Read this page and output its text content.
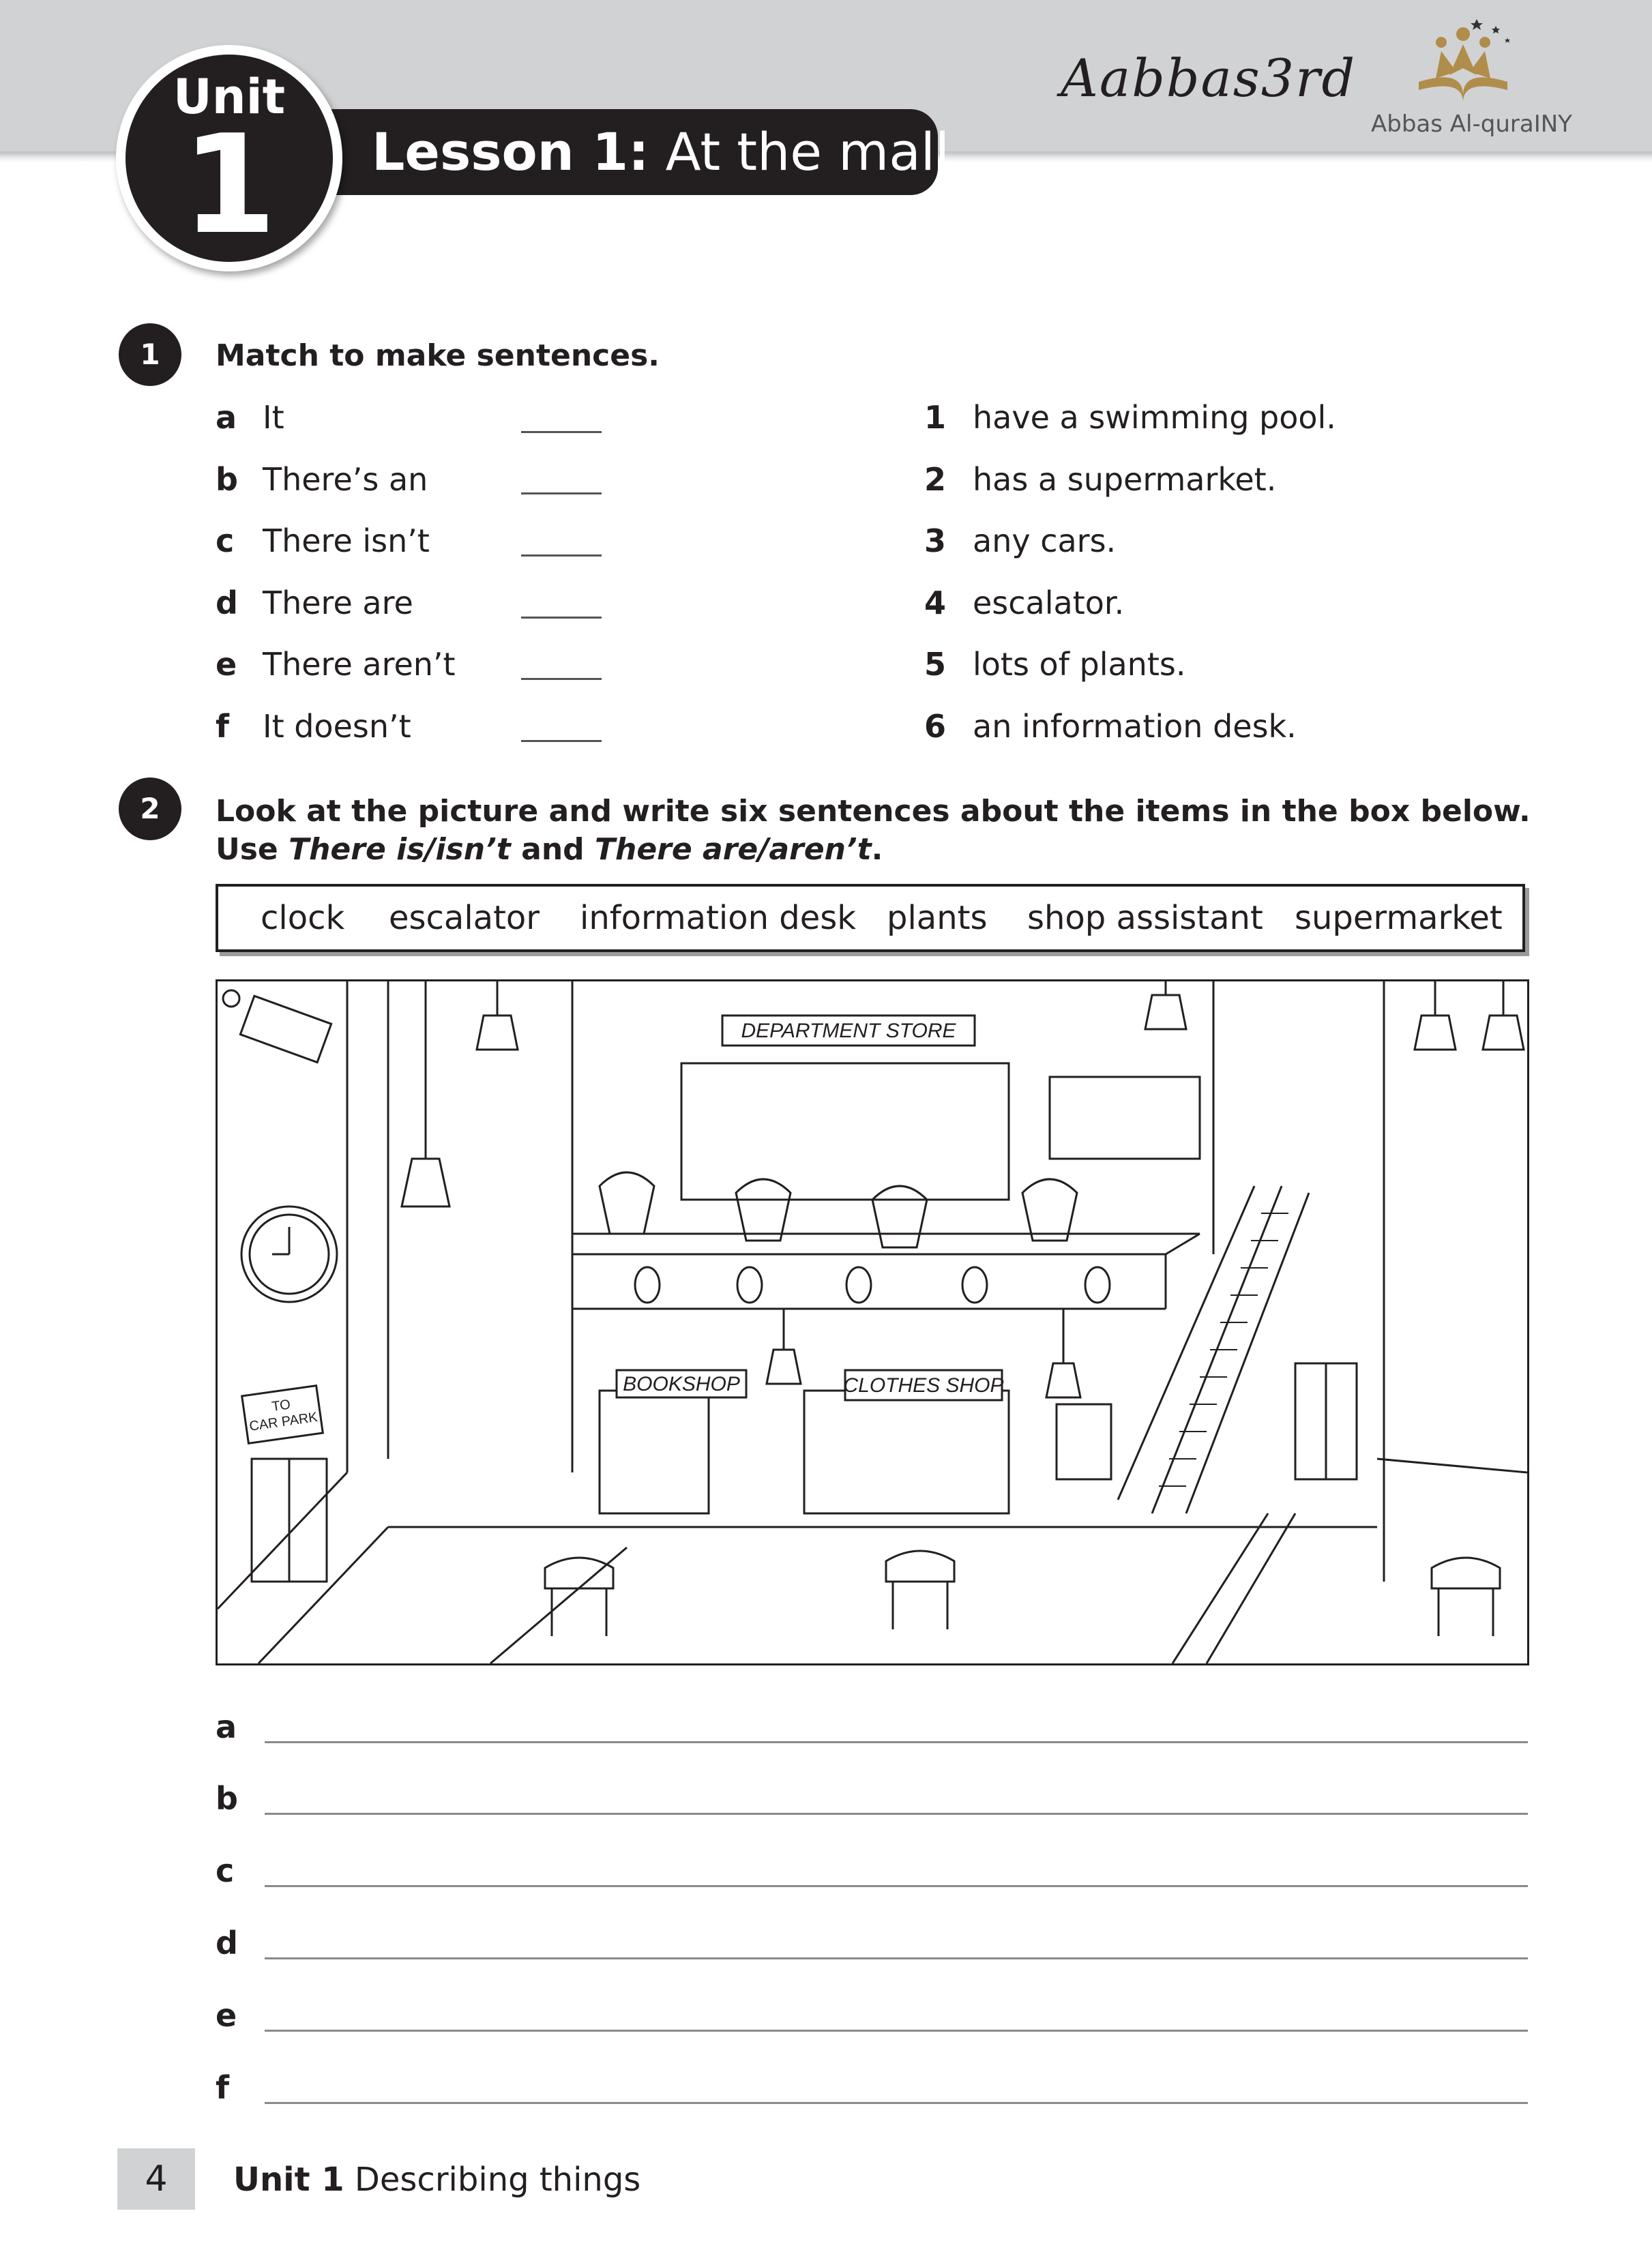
Lesson 1: At the mall
Unit
1
Aabbas3rd
Abbas Al-quraINY
1	Match to make sentences.
a It
b There’s an
c There isn’t
d There are
e There aren’t
f It doesn’t
1 have a swimming pool.
2 has a supermarket.
3 any cars.
4 escalator.
5 lots of plants.
6 an information desk.
2	Look at the picture and write six sentences about the items in the box below.
Use There is/isn’t and There are/aren’t.
clock escalator information desk plants shop assistant supermarket
DEPARTMENT STORE
BOOKSHOP	CLOTHES SHOP
TO
CAR PARK
a
b
c
d
e
f
4	Unit 1 Describing things
